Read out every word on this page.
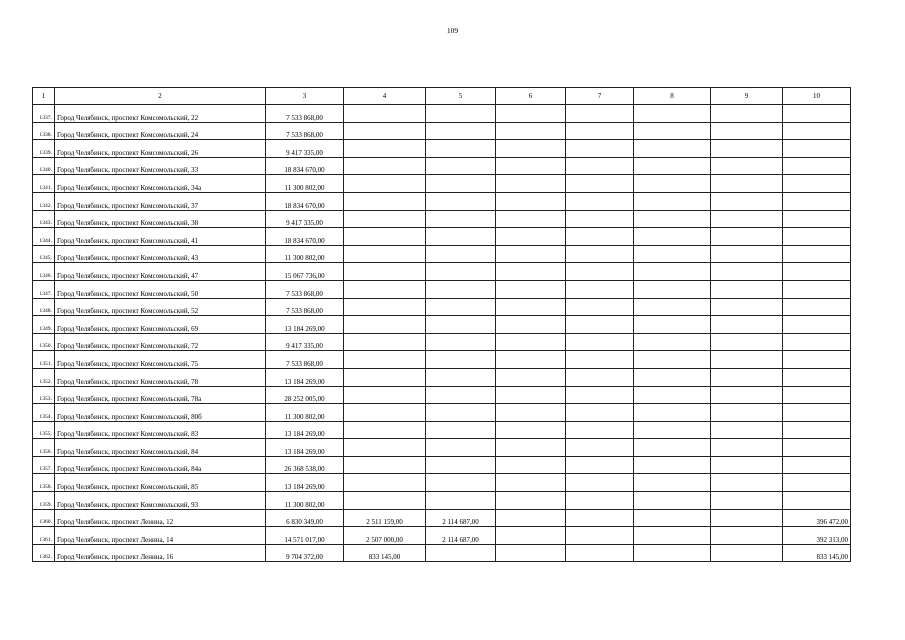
109
1	2	3	4	5	6	7	8	9	10
1337.	Город Челябинск, проспект Комсомольский, 22	7 533 868,00							
1338.	Город Челябинск, проспект Комсомольский, 24	7 533 868,00							
1339.	Город Челябинск, проспект Комсомольский, 26	9 417 335,00							
1340.	Город Челябинск, проспект Комсомольский, 33	18 834 670,00							
1341.	Город Челябинск, проспект Комсомольский, 34а	11 300 802,00							
1342.	Город Челябинск, проспект Комсомольский, 37	18 834 670,00							
1343.	Город Челябинск, проспект Комсомольский, 38	9 417 335,00							
1344.	Город Челябинск, проспект Комсомольский, 41	18 834 670,00							
1345.	Город Челябинск, проспект Комсомольский, 43	11 300 802,00							
1346.	Город Челябинск, проспект Комсомольский, 47	15 067 736,00							
1347.	Город Челябинск, проспект Комсомольский, 50	7 533 868,00							
1348.	Город Челябинск, проспект Комсомольский, 52	7 533 868,00							
1349.	Город Челябинск, проспект Комсомольский, 69	13 184 269,00							
1350.	Город Челябинск, проспект Комсомольский, 72	9 417 335,00							
1351.	Город Челябинск, проспект Комсомольский, 75	7 533 868,00							
1352.	Город Челябинск, проспект Комсомольский, 78	13 184 269,00							
1353.	Город Челябинск, проспект Комсомольский, 78а	28 252 005,00							
1354.	Город Челябинск, проспект Комсомольский, 80б	11 300 802,00							
1355.	Город Челябинск, проспект Комсомольский, 83	13 184 269,00							
1356.	Город Челябинск, проспект Комсомольский, 84	13 184 269,00							
1357.	Город Челябинск, проспект Комсомольский, 84а	26 368 538,00							
1358.	Город Челябинск, проспект Комсомольский, 85	13 184 269,00							
1359.	Город Челябинск, проспект Комсомольский, 93	11 300 802,00							
1360.	Город Челябинск, проспект Ленина, 12	6 830 349,00	2 511 159,00	2 114 687,00					396 472,00
1361.	Город Челябинск, проспект Ленина, 14	14 571 017,00	2 507 000,00	2 114 687,00					392 313,00
1362.	Город Челябинск, проспект Ленина, 16	9 704 372,00	833 145,00						833 145,00
